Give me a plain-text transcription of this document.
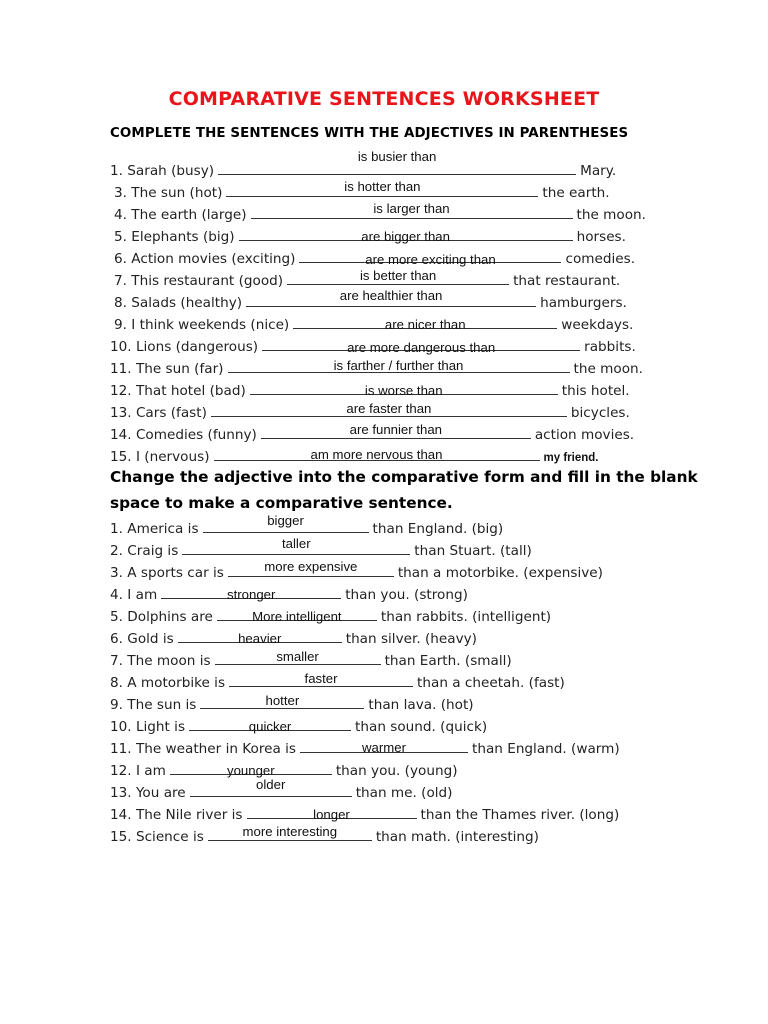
COMPARATIVE SENTENCES WORKSHEET
COMPLETE THE SENTENCES WITH THE ADJECTIVES IN PARENTHESES
1. Sarah (busy)
is busier than
Mary.
3. The sun (hot)	is hotter than	the earth.
4. The earth (large)	is larger than	the moon.
5. Elephants (big)	are bigger than	horses.
6. Action movies (exciting)	are more exciting than	comedies.
7. This restaurant (good)	is better than	that restaurant.
8. Salads (healthy)	are healthier than	hamburgers.
9. I think weekends (nice)	are nicer than	weekdays.
10. Lions (dangerous)	are more dangerous than	rabbits.
11. The sun (far)	is farther / further than	the moon.
12. That hotel (bad)	is worse than	this hotel.
13. Cars (fast)	are faster than	bicycles.
14. Comedies (funny)	are funnier than	action movies.
15. I (nervous)	am more nervous than	my friend.
Change the adjective into the comparative form and fill in the blank space to make a comparative sentence.
1. America is
bigger
than England. (big)
2. Craig is	taller	than Stuart. (tall)
3. A sports car is	more expensive	than a motorbike. (expensive)
4. I am	stronger	than you. (strong)
5. Dolphins are	More intelligent	than rabbits. (intelligent)
6. Gold is	heavier	than silver. (heavy)
7. The moon is	smaller	than Earth. (small)
8. A motorbike is	faster	than a cheetah. (fast)
9. The sun is	hotter	than lava. (hot)
10. Light is	quicker	than sound. (quick)
11. The weather in Korea is	warmer	than England. (warm)
12. I am	younger	than you. (young)
13. You are
older
than me. (old)
14. The Nile river is	longer	than the Thames river. (long)
15. Science is	more interesting	than math. (interesting)
